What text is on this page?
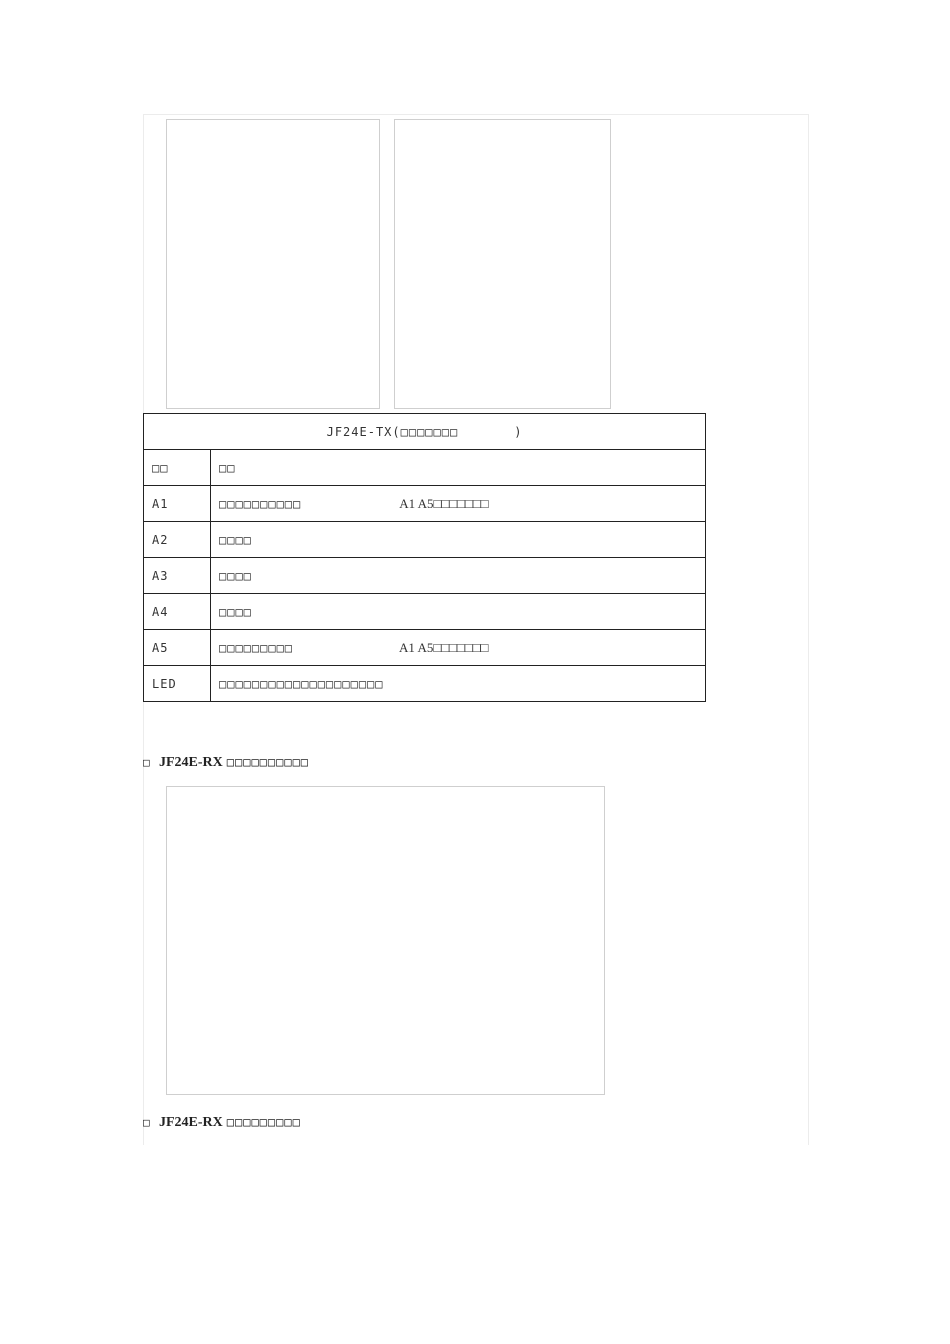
JF24E-TX(□□□□□□□ )	
□□	□□
A1	□□□□□□□□□□ A1 A5□□□□□□□
A2	□□□□
A3	□□□□
A4	□□□□
A5	□□□□□□□□□ A1 A5□□□□□□□
LED	□□□□□□□□□□□□□□□□□□□□
□ JF24E-RX □□□□□□□□□□
□ JF24E-RX □□□□□□□□□
